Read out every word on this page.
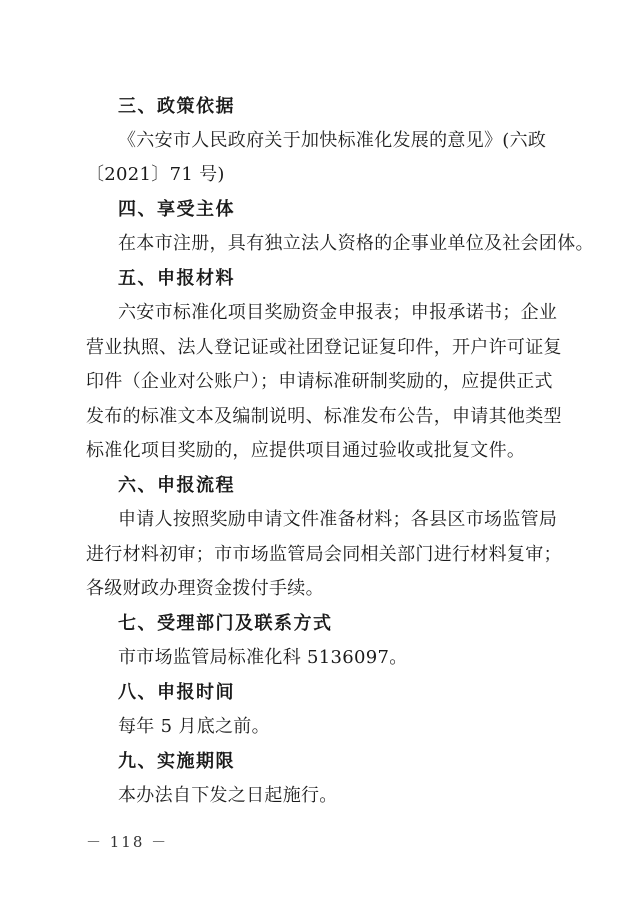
三、政策依据
《六安市人民政府关于加快标准化发展的意见》(六政
〔2021〕71 号)
四、享受主体
在本市注册，具有独立法人资格的企事业单位及社会团体。
五、申报材料
六安市标准化项目奖励资金申报表；申报承诺书；企业
营业执照、法人登记证或社团登记证复印件，开户许可证复
印件（企业对公账户）；申请标准研制奖励的，应提供正式
发布的标准文本及编制说明、标准发布公告，申请其他类型
标准化项目奖励的，应提供项目通过验收或批复文件。
六、申报流程
申请人按照奖励申请文件准备材料；各县区市场监管局
进行材料初审；市市场监管局会同相关部门进行材料复审；
各级财政办理资金拨付手续。
七、受理部门及联系方式
市市场监管局标准化科 5136097。
八、申报时间
每年 5 月底之前。
九、实施期限
本办法自下发之日起施行。
－ 118 －
